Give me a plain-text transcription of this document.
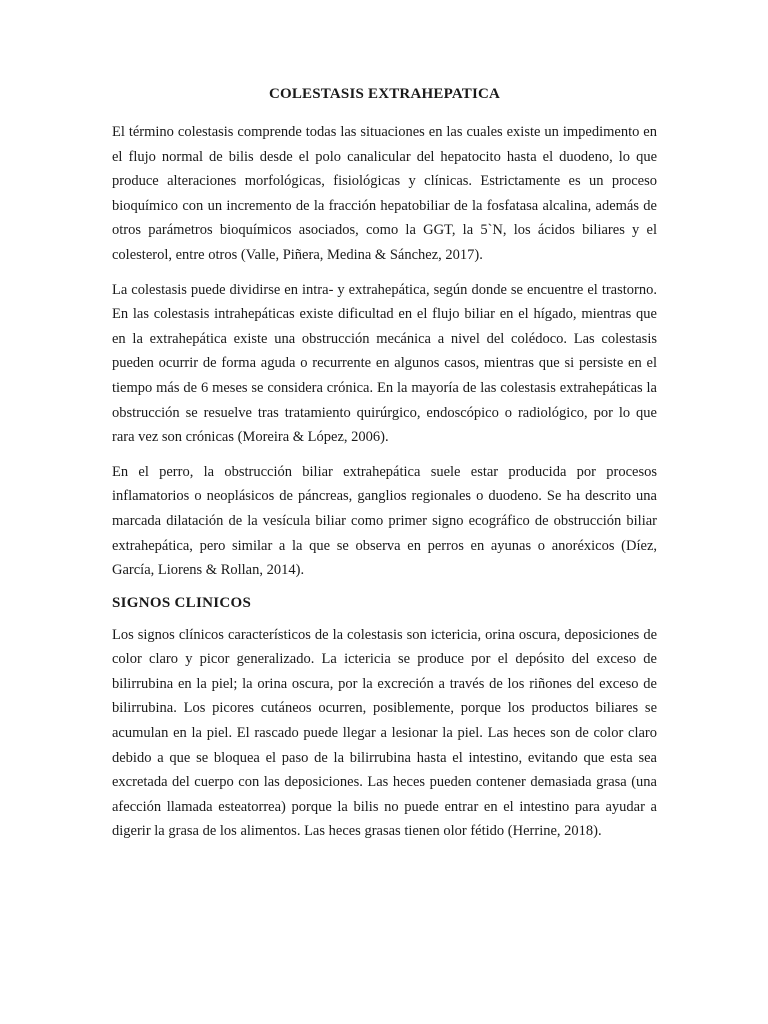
COLESTASIS EXTRAHEPATICA

El término colestasis comprende todas las situaciones en las cuales existe un impedimento en el flujo normal de bilis desde el polo canalicular del hepatocito hasta el duodeno, lo que produce alteraciones morfológicas, fisiológicas y clínicas. Estrictamente es un proceso bioquímico con un incremento de la fracción hepatobiliar de la fosfatasa alcalina, además de otros parámetros bioquímicos asociados, como la GGT, la 5`N, los ácidos biliares y el colesterol, entre otros (Valle, Piñera, Medina & Sánchez, 2017).

La colestasis puede dividirse en intra- y extrahepática, según donde se encuentre el trastorno. En las colestasis intrahepáticas existe dificultad en el flujo biliar en el hígado, mientras que en la extrahepática existe una obstrucción mecánica a nivel del colédoco. Las colestasis pueden ocurrir de forma aguda o recurrente en algunos casos, mientras que si persiste en el tiempo más de 6 meses se considera crónica. En la mayoría de las colestasis extrahepáticas la obstrucción se resuelve tras tratamiento quirúrgico, endoscópico o radiológico, por lo que rara vez son crónicas (Moreira & López, 2006).

En el perro, la obstrucción biliar extrahepática suele estar producida por procesos inflamatorios o neoplásicos de páncreas, ganglios regionales o duodeno. Se ha descrito una marcada dilatación de la vesícula biliar como primer signo ecográfico de obstrucción biliar extrahepática, pero similar a la que se observa en perros en ayunas o anoréxicos (Díez, García, Liorens & Rollan, 2014).

SIGNOS CLINICOS

Los signos clínicos característicos de la colestasis son ictericia, orina oscura, deposiciones de color claro y picor generalizado. La ictericia se produce por el depósito del exceso de bilirrubina en la piel; la orina oscura, por la excreción a través de los riñones del exceso de bilirrubina. Los picores cutáneos ocurren, posiblemente, porque los productos biliares se acumulan en la piel. El rascado puede llegar a lesionar la piel. Las heces son de color claro debido a que se bloquea el paso de la bilirrubina hasta el intestino, evitando que esta sea excretada del cuerpo con las deposiciones. Las heces pueden contener demasiada grasa (una afección llamada esteatorrea) porque la bilis no puede entrar en el intestino para ayudar a digerir la grasa de los alimentos. Las heces grasas tienen olor fétido (Herrine, 2018).
